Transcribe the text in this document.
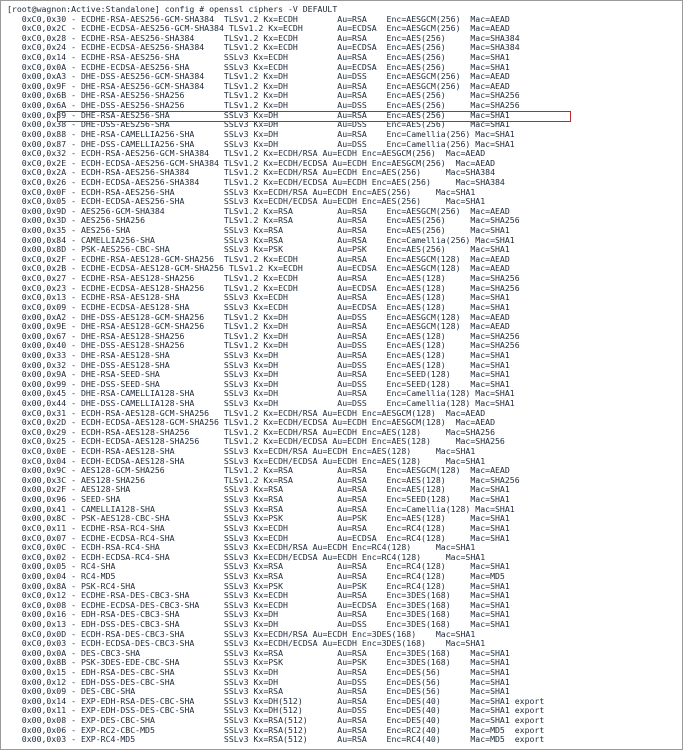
[root@wagnon:Active:Standalone] config # openssl ciphers -V DEFAULT
0xC0,0x30 - ECDHE-RSA-AES256-GCM-SHA384  TLSv1.2 Kx=ECDH        Au=RSA    Enc=AESGCM(256)  Mac=AEAD
0xC0,0x2C - ECDHE-ECDSA-AES256-GCM-SHA384 TLSv1.2 Kx=ECDH       Au=ECDSA  Enc=AESGCM(256)  Mac=AEAD
0xC0,0x28 - ECDHE-RSA-AES256-SHA384      TLSv1.2 Kx=ECDH        Au=RSA    Enc=AES(256)     Mac=SHA384
0xC0,0x24 - ECDHE-ECDSA-AES256-SHA384    TLSv1.2 Kx=ECDH        Au=ECDSA  Enc=AES(256)     Mac=SHA384
0xC0,0x14 - ECDHE-RSA-AES256-SHA         SSLv3 Kx=ECDH          Au=RSA    Enc=AES(256)     Mac=SHA1
0xC0,0x0A - ECDHE-ECDSA-AES256-SHA       SSLv3 Kx=ECDH          Au=ECDSA  Enc=AES(256)     Mac=SHA1
0x00,0xA3 - DHE-DSS-AES256-GCM-SHA384    TLSv1.2 Kx=DH          Au=DSS    Enc=AESGCM(256)  Mac=AEAD
0x00,0x9F - DHE-RSA-AES256-GCM-SHA384    TLSv1.2 Kx=DH          Au=RSA    Enc=AESGCM(256)  Mac=AEAD
0x00,0x6B - DHE-RSA-AES256-SHA256        TLSv1.2 Kx=DH          Au=RSA    Enc=AES(256)     Mac=SHA256
0x00,0x6A - DHE-DSS-AES256-SHA256        TLSv1.2 Kx=DH          Au=DSS    Enc=AES(256)     Mac=SHA256
0x00,0x39 - DHE-RSA-AES256-SHA           SSLv3 Kx=DH            Au=RSA    Enc=AES(256)     Mac=SHA1
0x00,0x38 - DHE-DSS-AES256-SHA           SSLv3 Kx=DH            Au=DSS    Enc=AES(256)     Mac=SHA1
0x00,0x88 - DHE-RSA-CAMELLIA256-SHA      SSLv3 Kx=DH            Au=RSA    Enc=Camellia(256) Mac=SHA1
0x00,0x87 - DHE-DSS-CAMELLIA256-SHA      SSLv3 Kx=DH            Au=DSS    Enc=Camellia(256) Mac=SHA1
0xC0,0x32 - ECDH-RSA-AES256-GCM-SHA384   TLSv1.2 Kx=ECDH/RSA Au=ECDH Enc=AESGCM(256)  Mac=AEAD
0xC0,0x2E - ECDH-ECDSA-AES256-GCM-SHA384 TLSv1.2 Kx=ECDH/ECDSA Au=ECDH Enc=AESGCM(256)  Mac=AEAD
0xC0,0x2A - ECDH-RSA-AES256-SHA384       TLSv1.2 Kx=ECDH/RSA Au=ECDH Enc=AES(256)     Mac=SHA384
0xC0,0x26 - ECDH-ECDSA-AES256-SHA384     TLSv1.2 Kx=ECDH/ECDSA Au=ECDH Enc=AES(256)     Mac=SHA384
0xC0,0x0F - ECDH-RSA-AES256-SHA          SSLv3 Kx=ECDH/RSA Au=ECDH Enc=AES(256)     Mac=SHA1
0xC0,0x05 - ECDH-ECDSA-AES256-SHA        SSLv3 Kx=ECDH/ECDSA Au=ECDH Enc=AES(256)     Mac=SHA1
0x00,0x9D - AES256-GCM-SHA384            TLSv1.2 Kx=RSA         Au=RSA    Enc=AESGCM(256)  Mac=AEAD
0x00,0x3D - AES256-SHA256                TLSv1.2 Kx=RSA         Au=RSA    Enc=AES(256)     Mac=SHA256
0x00,0x35 - AES256-SHA                   SSLv3 Kx=RSA           Au=RSA    Enc=AES(256)     Mac=SHA1
0x00,0x84 - CAMELLIA256-SHA              SSLv3 Kx=RSA           Au=RSA    Enc=Camellia(256) Mac=SHA1
0x00,0x8D - PSK-AES256-CBC-SHA           SSLv3 Kx=PSK           Au=PSK    Enc=AES(256)     Mac=SHA1
0xC0,0x2F - ECDHE-RSA-AES128-GCM-SHA256  TLSv1.2 Kx=ECDH        Au=RSA    Enc=AESGCM(128)  Mac=AEAD
0xC0,0x2B - ECDHE-ECDSA-AES128-GCM-SHA256 TLSv1.2 Kx=ECDH       Au=ECDSA  Enc=AESGCM(128)  Mac=AEAD
0xC0,0x27 - ECDHE-RSA-AES128-SHA256      TLSv1.2 Kx=ECDH        Au=RSA    Enc=AES(128)     Mac=SHA256
0xC0,0x23 - ECDHE-ECDSA-AES128-SHA256    TLSv1.2 Kx=ECDH        Au=ECDSA  Enc=AES(128)     Mac=SHA256
0xC0,0x13 - ECDHE-RSA-AES128-SHA         SSLv3 Kx=ECDH          Au=RSA    Enc=AES(128)     Mac=SHA1
0xC0,0x09 - ECDHE-ECDSA-AES128-SHA       SSLv3 Kx=ECDH          Au=ECDSA  Enc=AES(128)     Mac=SHA1
0x00,0xA2 - DHE-DSS-AES128-GCM-SHA256    TLSv1.2 Kx=DH          Au=DSS    Enc=AESGCM(128)  Mac=AEAD
0x00,0x9E - DHE-RSA-AES128-GCM-SHA256    TLSv1.2 Kx=DH          Au=RSA    Enc=AESGCM(128)  Mac=AEAD
0x00,0x67 - DHE-RSA-AES128-SHA256        TLSv1.2 Kx=DH          Au=RSA    Enc=AES(128)     Mac=SHA256
0x00,0x40 - DHE-DSS-AES128-SHA256        TLSv1.2 Kx=DH          Au=DSS    Enc=AES(128)     Mac=SHA256
0x00,0x33 - DHE-RSA-AES128-SHA           SSLv3 Kx=DH            Au=RSA    Enc=AES(128)     Mac=SHA1
0x00,0x32 - DHE-DSS-AES128-SHA           SSLv3 Kx=DH            Au=DSS    Enc=AES(128)     Mac=SHA1
0x00,0x9A - DHE-RSA-SEED-SHA             SSLv3 Kx=DH            Au=RSA    Enc=SEED(128)    Mac=SHA1
0x00,0x99 - DHE-DSS-SEED-SHA             SSLv3 Kx=DH            Au=DSS    Enc=SEED(128)    Mac=SHA1
0x00,0x45 - DHE-RSA-CAMELLIA128-SHA      SSLv3 Kx=DH            Au=RSA    Enc=Camellia(128) Mac=SHA1
0x00,0x44 - DHE-DSS-CAMELLIA128-SHA      SSLv3 Kx=DH            Au=DSS    Enc=Camellia(128) Mac=SHA1
0xC0,0x31 - ECDH-RSA-AES128-GCM-SHA256   TLSv1.2 Kx=ECDH/RSA Au=ECDH Enc=AESGCM(128)  Mac=AEAD
0xC0,0x2D - ECDH-ECDSA-AES128-GCM-SHA256 TLSv1.2 Kx=ECDH/ECDSA Au=ECDH Enc=AESGCM(128)  Mac=AEAD
0xC0,0x29 - ECDH-RSA-AES128-SHA256       TLSv1.2 Kx=ECDH/RSA Au=ECDH Enc=AES(128)     Mac=SHA256
0xC0,0x25 - ECDH-ECDSA-AES128-SHA256     TLSv1.2 Kx=ECDH/ECDSA Au=ECDH Enc=AES(128)     Mac=SHA256
0xC0,0x0E - ECDH-RSA-AES128-SHA          SSLv3 Kx=ECDH/RSA Au=ECDH Enc=AES(128)     Mac=SHA1
0xC0,0x04 - ECDH-ECDSA-AES128-SHA        SSLv3 Kx=ECDH/ECDSA Au=ECDH Enc=AES(128)     Mac=SHA1
0x00,0x9C - AES128-GCM-SHA256            TLSv1.2 Kx=RSA         Au=RSA    Enc=AESGCM(128)  Mac=AEAD
0x00,0x3C - AES128-SHA256                TLSv1.2 Kx=RSA         Au=RSA    Enc=AES(128)     Mac=SHA256
0x00,0x2F - AES128-SHA                   SSLv3 Kx=RSA           Au=RSA    Enc=AES(128)     Mac=SHA1
0x00,0x96 - SEED-SHA                     SSLv3 Kx=RSA           Au=RSA    Enc=SEED(128)    Mac=SHA1
0x00,0x41 - CAMELLIA128-SHA              SSLv3 Kx=RSA           Au=RSA    Enc=Camellia(128) Mac=SHA1
0x00,0x8C - PSK-AES128-CBC-SHA           SSLv3 Kx=PSK           Au=PSK    Enc=AES(128)     Mac=SHA1
0xC0,0x11 - ECDHE-RSA-RC4-SHA            SSLv3 Kx=ECDH          Au=RSA    Enc=RC4(128)     Mac=SHA1
0xC0,0x07 - ECDHE-ECDSA-RC4-SHA          SSLv3 Kx=ECDH          Au=ECDSA  Enc=RC4(128)     Mac=SHA1
0xC0,0x0C - ECDH-RSA-RC4-SHA             SSLv3 Kx=ECDH/RSA Au=ECDH Enc=RC4(128)     Mac=SHA1
0xC0,0x02 - ECDH-ECDSA-RC4-SHA           SSLv3 Kx=ECDH/ECDSA Au=ECDH Enc=RC4(128)     Mac=SHA1
0x00,0x05 - RC4-SHA                      SSLv3 Kx=RSA           Au=RSA    Enc=RC4(128)     Mac=SHA1
0x00,0x04 - RC4-MD5                      SSLv3 Kx=RSA           Au=RSA    Enc=RC4(128)     Mac=MD5
0x00,0x8A - PSK-RC4-SHA                  SSLv3 Kx=PSK           Au=PSK    Enc=RC4(128)     Mac=SHA1
0xC0,0x12 - ECDHE-RSA-DES-CBC3-SHA       SSLv3 Kx=ECDH          Au=RSA    Enc=3DES(168)    Mac=SHA1
0xC0,0x08 - ECDHE-ECDSA-DES-CBC3-SHA     SSLv3 Kx=ECDH          Au=ECDSA  Enc=3DES(168)    Mac=SHA1
0x00,0x16 - EDH-RSA-DES-CBC3-SHA         SSLv3 Kx=DH            Au=RSA    Enc=3DES(168)    Mac=SHA1
0x00,0x13 - EDH-DSS-DES-CBC3-SHA         SSLv3 Kx=DH            Au=DSS    Enc=3DES(168)    Mac=SHA1
0xC0,0x0D - ECDH-RSA-DES-CBC3-SHA        SSLv3 Kx=ECDH/RSA Au=ECDH Enc=3DES(168)    Mac=SHA1
0xC0,0x03 - ECDH-ECDSA-DES-CBC3-SHA      SSLv3 Kx=ECDH/ECDSA Au=ECDH Enc=3DES(168)    Mac=SHA1
0x00,0x0A - DES-CBC3-SHA                 SSLv3 Kx=RSA           Au=RSA    Enc=3DES(168)    Mac=SHA1
0x00,0x8B - PSK-3DES-EDE-CBC-SHA         SSLv3 Kx=PSK           Au=PSK    Enc=3DES(168)    Mac=SHA1
0x00,0x15 - EDH-RSA-DES-CBC-SHA          SSLv3 Kx=DH            Au=RSA    Enc=DES(56)      Mac=SHA1
0x00,0x12 - EDH-DSS-DES-CBC-SHA          SSLv3 Kx=DH            Au=DSS    Enc=DES(56)      Mac=SHA1
0x00,0x09 - DES-CBC-SHA                  SSLv3 Kx=RSA           Au=RSA    Enc=DES(56)      Mac=SHA1
0x00,0x14 - EXP-EDH-RSA-DES-CBC-SHA      SSLv3 Kx=DH(512)       Au=RSA    Enc=DES(40)      Mac=SHA1 export
0x00,0x11 - EXP-EDH-DSS-DES-CBC-SHA      SSLv3 Kx=DH(512)       Au=DSS    Enc=DES(40)      Mac=SHA1 export
0x00,0x08 - EXP-DES-CBC-SHA              SSLv3 Kx=RSA(512)      Au=RSA    Enc=DES(40)      Mac=SHA1 export
0x00,0x06 - EXP-RC2-CBC-MD5              SSLv3 Kx=RSA(512)      Au=RSA    Enc=RC2(40)      Mac=MD5  export
0x00,0x03 - EXP-RC4-MD5                  SSLv3 Kx=RSA(512)      Au=RSA    Enc=RC4(40)      Mac=MD5  export
